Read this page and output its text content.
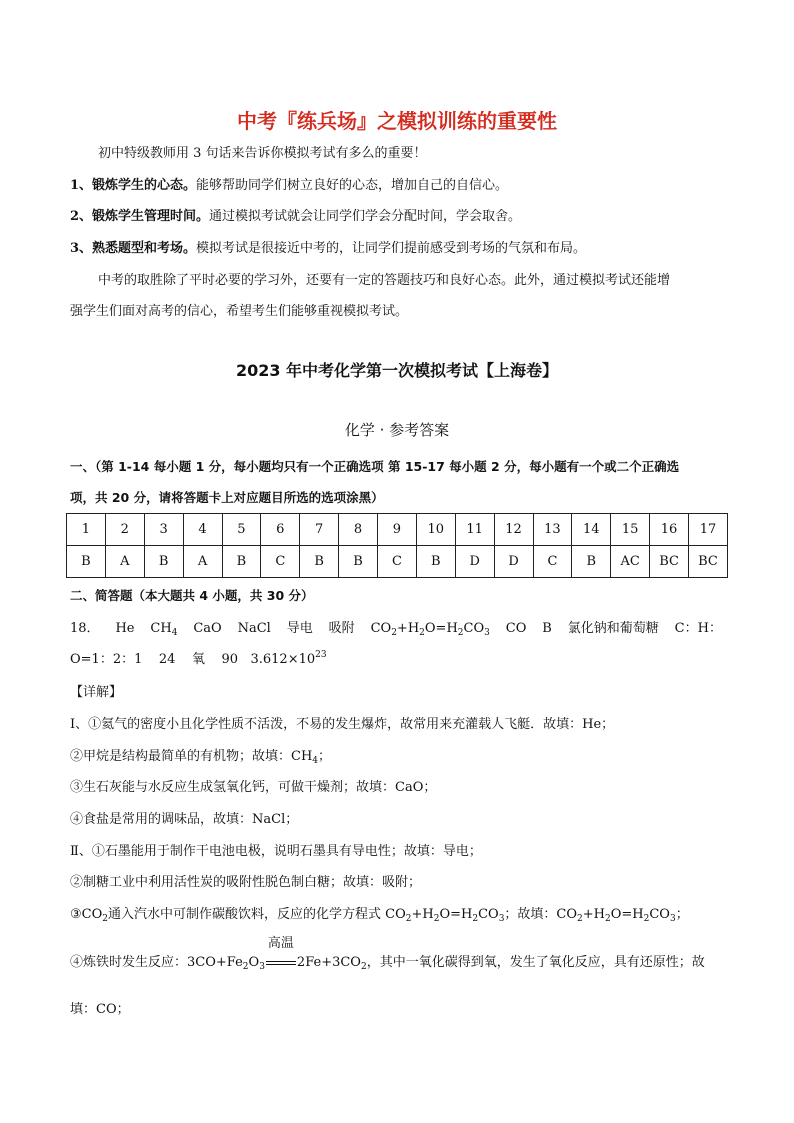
中考『练兵场』之模拟训练的重要性
初中特级教师用 3 句话来告诉你模拟考试有多么的重要！
1、锻炼学生的心态。能够帮助同学们树立良好的心态，增加自己的自信心。
2、锻炼学生管理时间。通过模拟考试就会让同学们学会分配时间，学会取舍。
3、熟悉题型和考场。模拟考试是很接近中考的，让同学们提前感受到考场的气氛和布局。
中考的取胜除了平时必要的学习外，还要有一定的答题技巧和良好心态。此外，通过模拟考试还能增
强学生们面对高考的信心，希望考生们能够重视模拟考试。
2023 年中考化学第一次模拟考试【上海卷】
化学 · 参考答案
一、（第 1-14 每小题 1 分，每小题均只有一个正确选项 第 15-17 每小题 2 分，每小题有一个或二个正确选
项，共 20 分，请将答题卡上对应题目所选的选项涂黑）
1	2	3	4	5	6	7	8	9	10	11	12	13	14	15	16	17
B	A	B	A	B	C	B	B	C	B	D	D	C	B	AC	BC	BC
二、简答题（本大题共 4 小题，共 30 分）
18． He $CH_4$ CaO NaCl 导电 吸附 $CO_2+H_2O=H_2CO_3$ CO B 氯化钠和葡萄糖 C：H：
O=1：2：1 24 氧 90 $3.612\times 10^{23}$
【详解】
Ⅰ、①氦气的密度小且化学性质不活泼，不易的发生爆炸，故常用来充灌载人飞艇．故填：He；
②甲烷是结构最简单的有机物；故填：$CH_4$；
③生石灰能与水反应生成氢氧化钙，可做干燥剂；故填：CaO；
④食盐是常用的调味品，故填：NaCl；
Ⅱ、①石墨能用于制作干电池电极，说明石墨具有导电性；故填：导电；
②制糖工业中利用活性炭的吸附性脱色制白糖；故填：吸附；
$③CO_2$通入汽水中可制作碳酸饮料，反应的化学方程式 $CO_2+H_2O=H_2CO_3$；故填：$CO_2+H_2O=H_2CO_3$；
④炼铁时发生反应：$3CO+Fe_2O_3$
高温
$2Fe+3CO_2$，其中一氧化碳得到氧，发生了氧化反应，具有还原性；故
填：CO；
